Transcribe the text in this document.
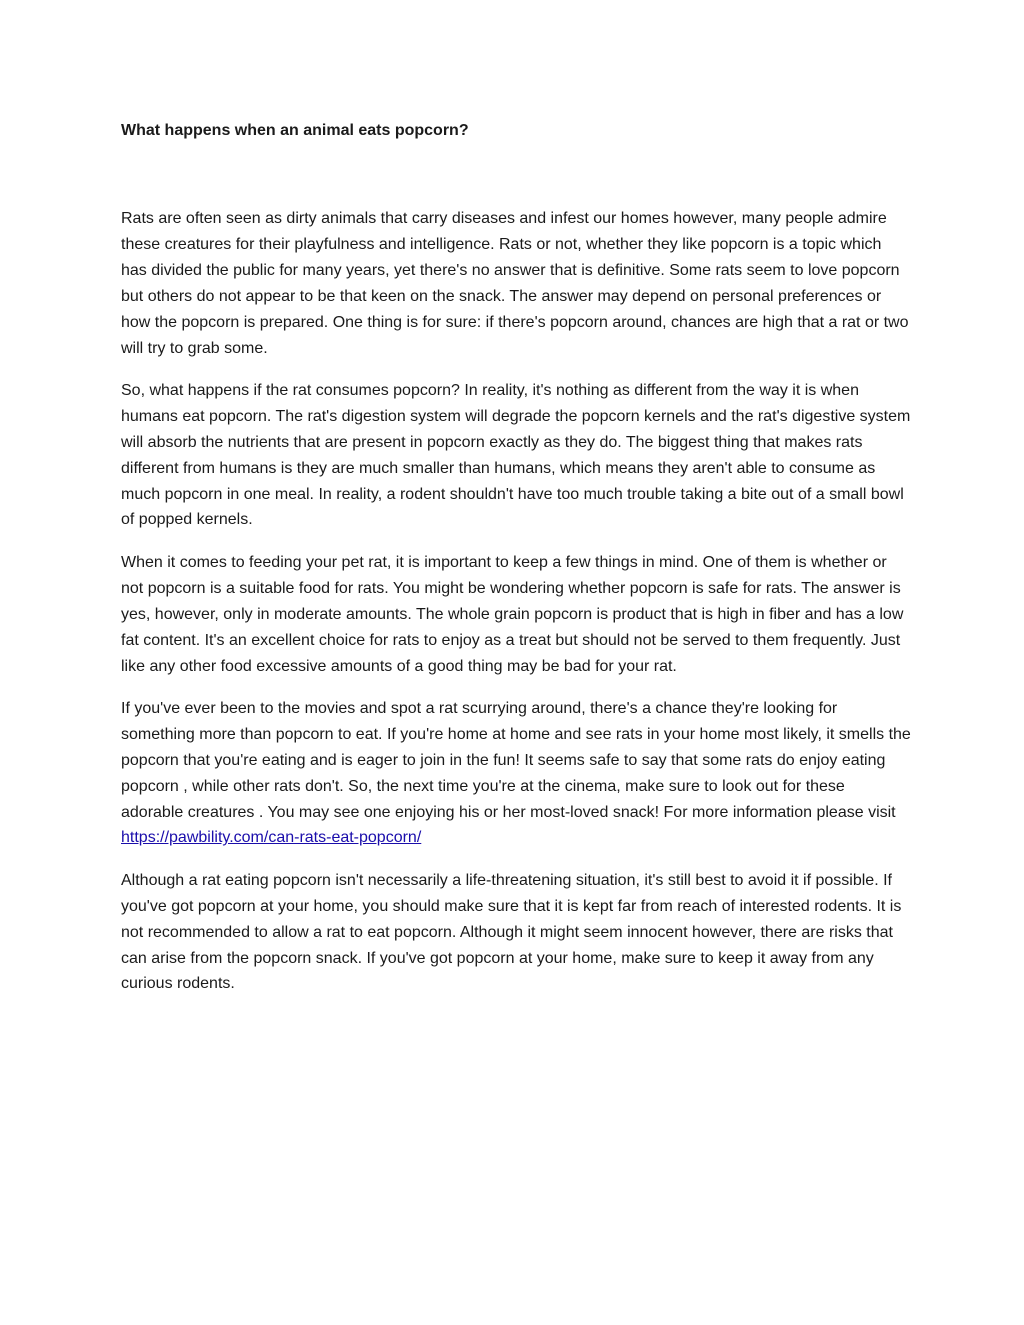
What happens when an animal eats popcorn?

Rats are often seen as dirty animals that carry diseases and infest our homes however, many people admire these creatures for their playfulness and intelligence. Rats or not, whether they like popcorn is a topic which has divided the public for many years, yet there's no answer that is definitive. Some rats seem to love popcorn but others do not appear to be that keen on the snack. The answer may depend on personal preferences or how the popcorn is prepared. One thing is for sure: if there's popcorn around, chances are high that a rat or two will try to grab some.

So, what happens if the rat consumes popcorn? In reality, it's nothing as different from the way it is when humans eat popcorn. The rat's digestion system will degrade the popcorn kernels and the rat's digestive system will absorb the nutrients that are present in popcorn exactly as they do. The biggest thing that makes rats different from humans is they are much smaller than humans, which means they aren't able to consume as much popcorn in one meal. In reality, a rodent shouldn't have too much trouble taking a bite out of a small bowl of popped kernels.

When it comes to feeding your pet rat, it is important to keep a few things in mind. One of them is whether or not popcorn is a suitable food for rats. You might be wondering whether popcorn is safe for rats. The answer is yes, however, only in moderate amounts. The whole grain popcorn is product that is high in fiber and has a low fat content. It's an excellent choice for rats to enjoy as a treat but should not be served to them frequently. Just like any other food excessive amounts of a good thing may be bad for your rat.

If you've ever been to the movies and spot a rat scurrying around, there's a chance they're looking for something more than popcorn to eat. If you're home at home and see rats in your home most likely, it smells the popcorn that you're eating and is eager to join in the fun! It seems safe to say that some rats do enjoy eating popcorn , while other rats don't. So, the next time you're at the cinema, make sure to look out for these adorable creatures . You may see one enjoying his or her most-loved snack! For more information please visit https://pawbility.com/can-rats-eat-popcorn/

Although a rat eating popcorn isn't necessarily a life-threatening situation, it's still best to avoid it if possible. If you've got popcorn at your home, you should make sure that it is kept far from reach of interested rodents. It is not recommended to allow a rat to eat popcorn. Although it might seem innocent however, there are risks that can arise from the popcorn snack. If you've got popcorn at your home, make sure to keep it away from any curious rodents.
